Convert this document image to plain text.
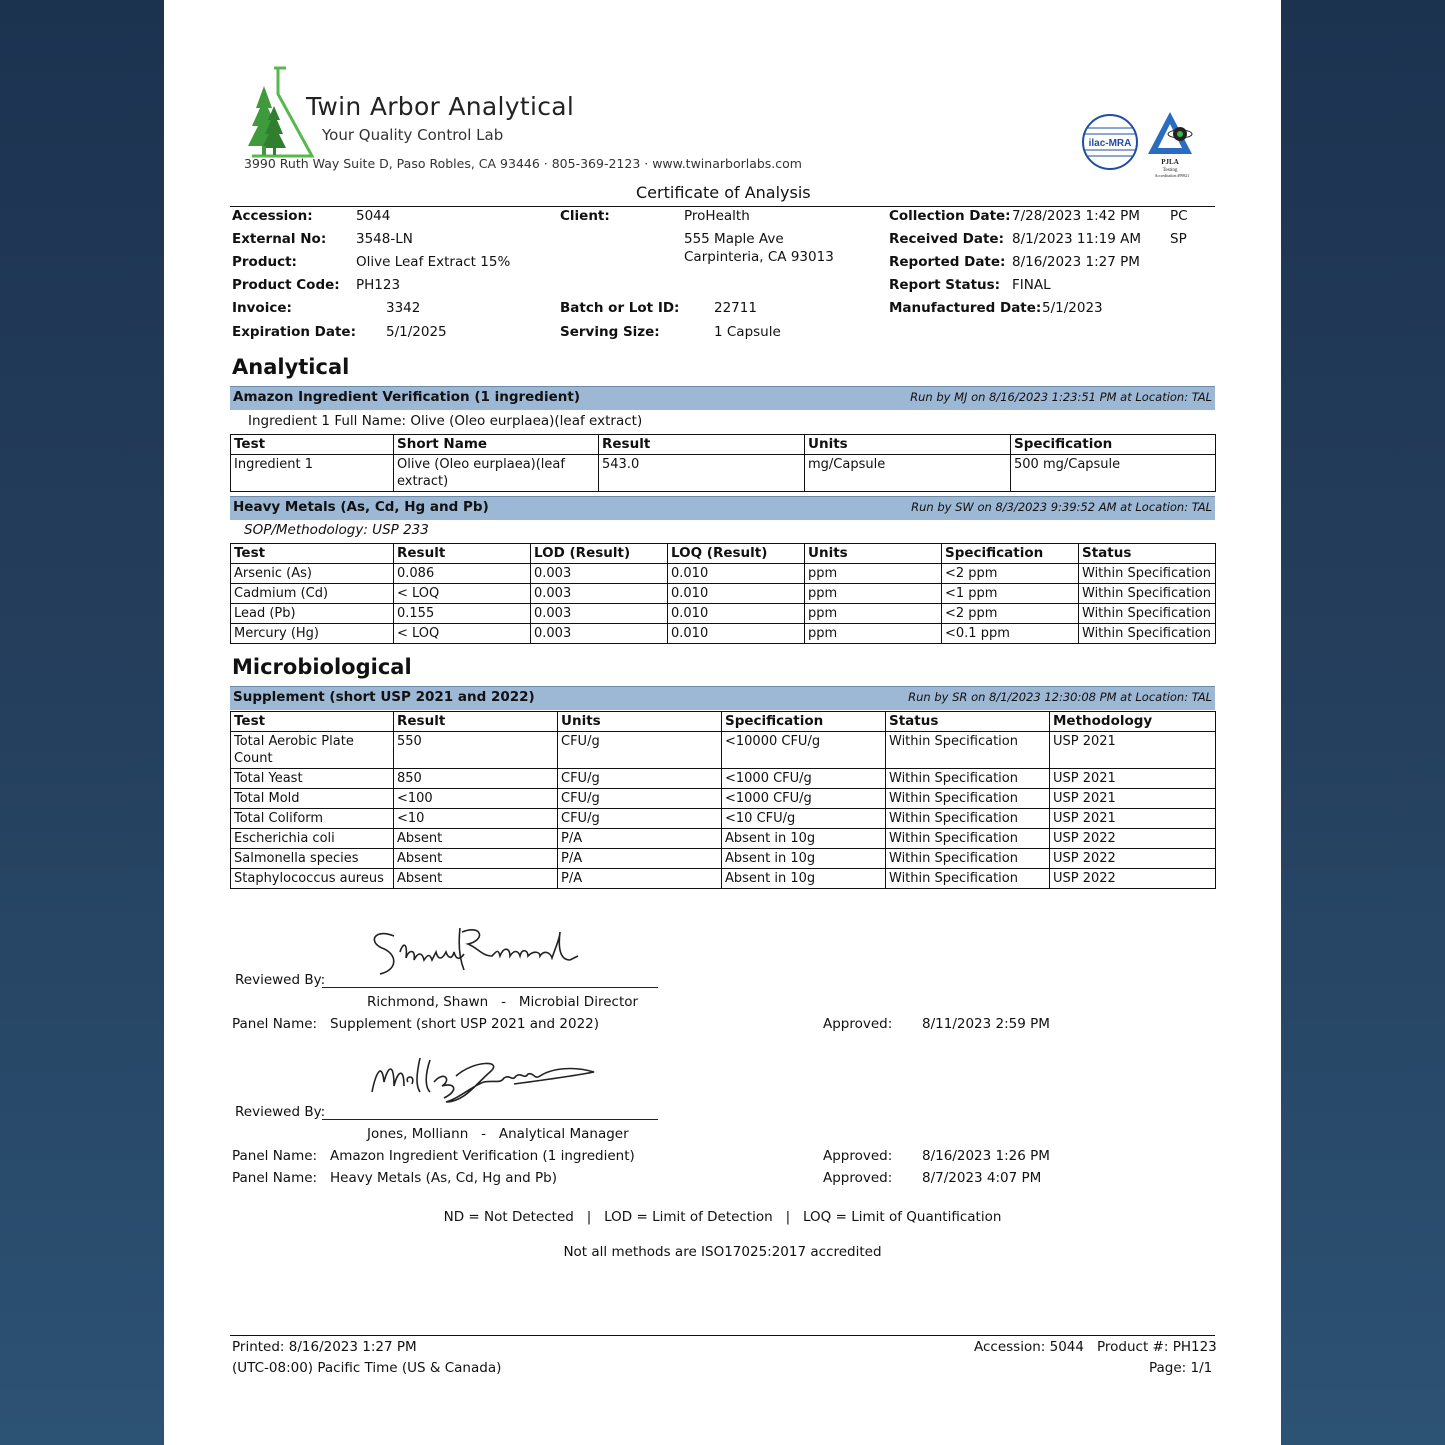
Twin Arbor Analytical
Your Quality Control Lab
3990 Ruth Way Suite D, Paso Robles, CA 93446 · 805-369-2123 · www.twinarborlabs.com
ilac-MRA
PJLA
Testing
Accreditation #99821
Certificate of Analysis
Accession:	5044
External No: 3548-LN
Product:	Olive Leaf Extract 15%
Product Code: PH123
Invoice:	3342
Expiration Date: 5/1/2025
Client:	ProHealth
555 Maple Ave
Carpinteria, CA 93013
Batch or Lot ID:	22711
Serving Size:	1 Capsule
Collection Date: 7/28/2023 1:42 PM PC
Received Date: 8/1/2023 11:19 AM SP
Reported Date: 8/16/2023 1:27 PM
Report Status: FINAL
Manufactured Date: 5/1/2023
Analytical
Amazon Ingredient Verification (1 ingredient)	Run by MJ on 8/16/2023 1:23:51 PM at Location: TAL
Ingredient 1 Full Name: Olive (Oleo eurplaea)(leaf extract)
Test	Short Name	Result	Units	Specification
Ingredient 1	Olive (Oleo eurplaea)(leaf extract)	543.0	mg/Capsule	500 mg/Capsule
Heavy Metals (As, Cd, Hg and Pb)	Run by SW on 8/3/2023 9:39:52 AM at Location: TAL
SOP/Methodology: USP 233
Test	Result	LOD (Result)	LOQ (Result)	Units	Specification	Status
Arsenic (As)	0.086	0.003	0.010	ppm	<2 ppm	Within Specification
Cadmium (Cd)	< LOQ	0.003	0.010	ppm	<1 ppm	Within Specification
Lead (Pb)	0.155	0.003	0.010	ppm	<2 ppm	Within Specification
Mercury (Hg)	< LOQ	0.003	0.010	ppm	<0.1 ppm	Within Specification
Microbiological
Supplement (short USP 2021 and 2022)	Run by SR on 8/1/2023 12:30:08 PM at Location: TAL
Test	Result	Units	Specification	Status	Methodology
Total Aerobic Plate Count	550	CFU/g	<10000 CFU/g	Within Specification	USP 2021
Total Yeast	850	CFU/g	<1000 CFU/g	Within Specification	USP 2021
Total Mold	<100	CFU/g	<1000 CFU/g	Within Specification	USP 2021
Total Coliform	<10	CFU/g	<10 CFU/g	Within Specification	USP 2021
Escherichia coli	Absent	P/A	Absent in 10g	Within Specification	USP 2022
Salmonella species	Absent	P/A	Absent in 10g	Within Specification	USP 2022
Staphylococcus aureus	Absent	P/A	Absent in 10g	Within Specification	USP 2022
Reviewed By:
Richmond, Shawn   -   Microbial Director
Panel Name: Supplement (short USP 2021 and 2022)	Approved: 8/11/2023 2:59 PM
Reviewed By:
Jones, Molliann   -   Analytical Manager
Panel Name: Amazon Ingredient Verification (1 ingredient)	Approved: 8/16/2023 1:26 PM
Panel Name: Heavy Metals (As, Cd, Hg and Pb)	Approved: 8/7/2023 4:07 PM
ND = Not Detected   |   LOD = Limit of Detection   |   LOQ = Limit of Quantification
Not all methods are ISO17025:2017 accredited
Printed: 8/16/2023 1:27 PM
(UTC-08:00) Pacific Time (US & Canada)
Accession: 5044 Product #: PH123
Page: 1/1
